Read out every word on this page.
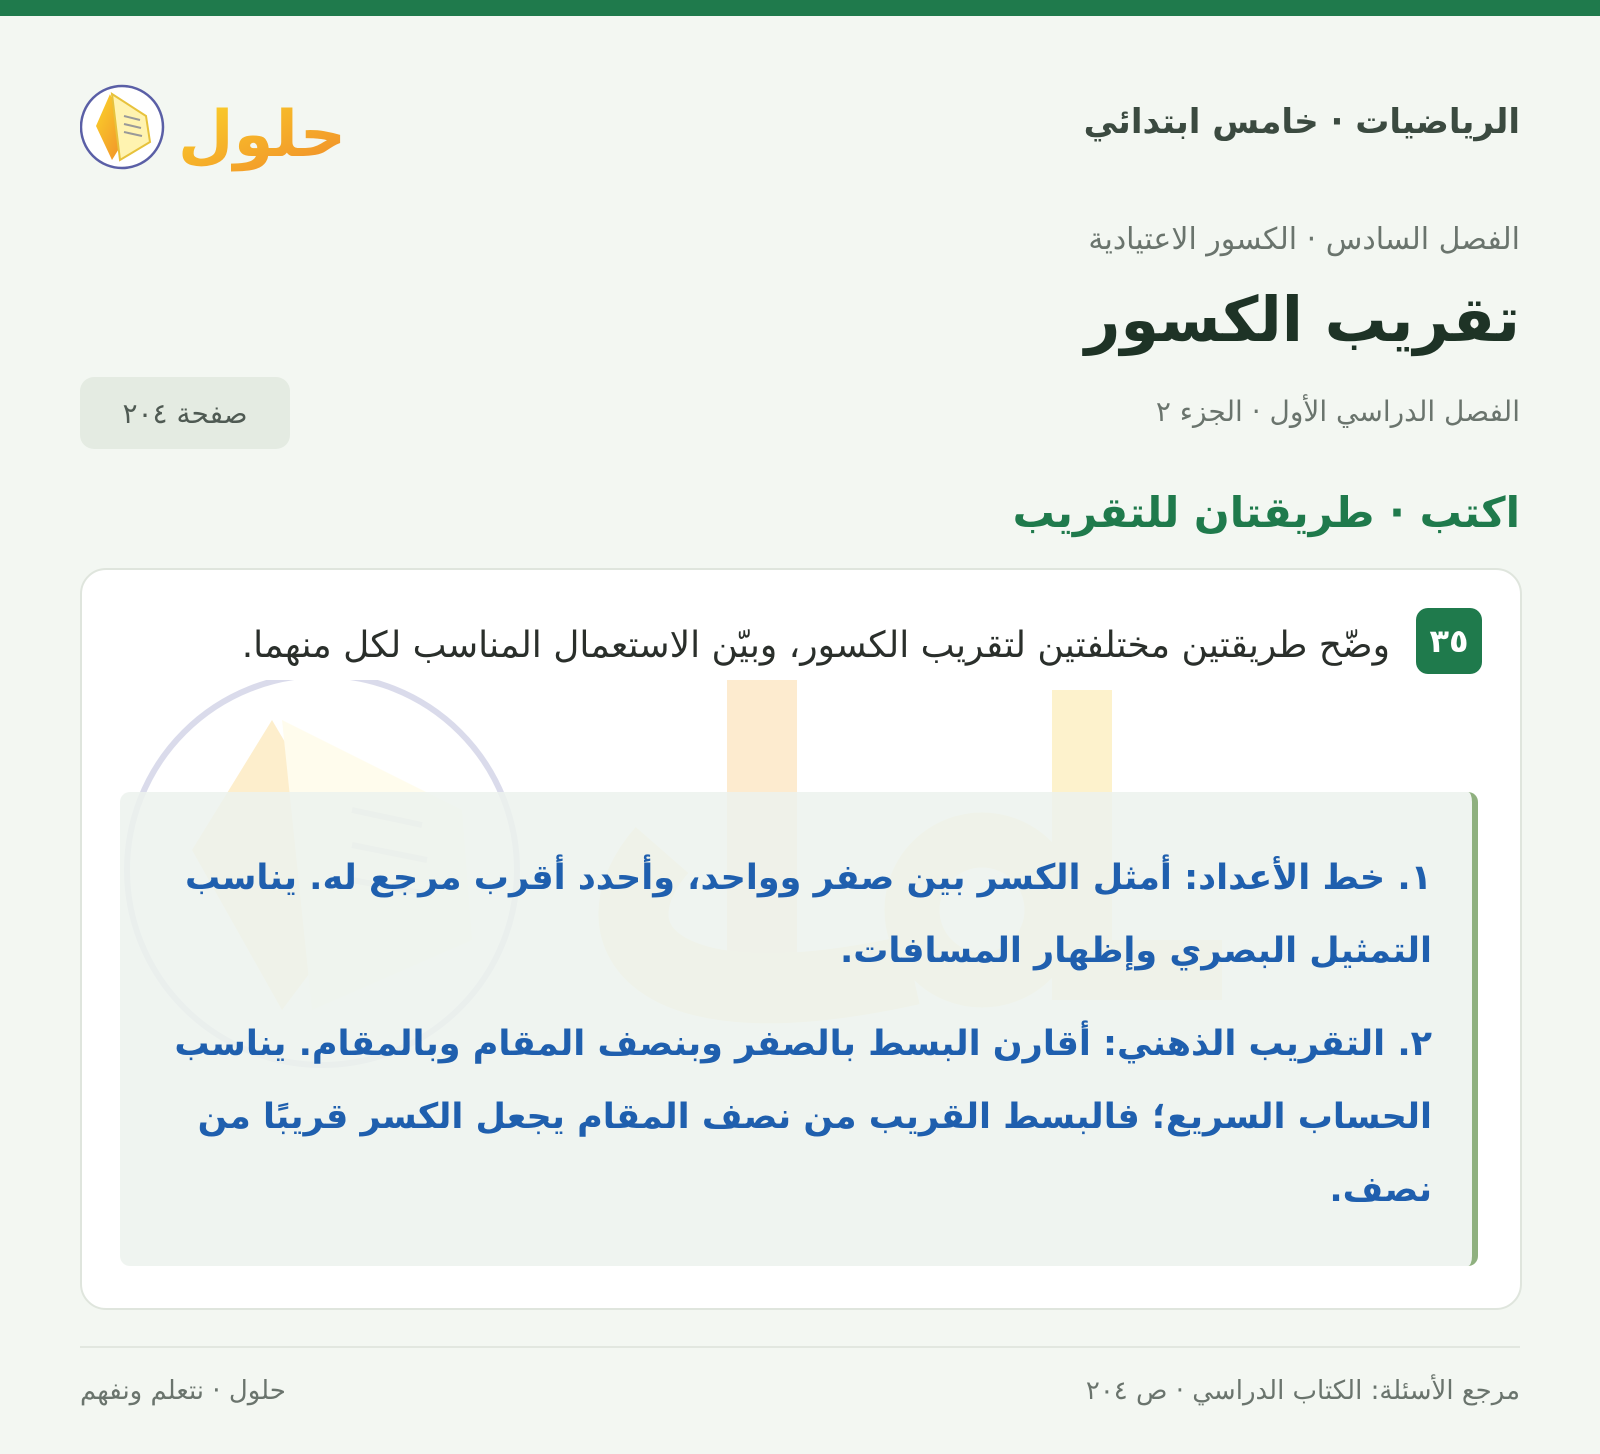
الرياضيات · خامس ابتدائي
حلول
الفصل السادس · الكسور الاعتيادية
تقريب الكسور
الفصل الدراسي الأول · الجزء ٢
صفحة ٢٠٤
اكتب · طريقتان للتقريب
٣٥
وضّح طريقتين مختلفتين لتقريب الكسور، وبيّن الاستعمال المناسب لكل منهما.

١. خط الأعداد: أمثل الكسر بين صفر وواحد، وأحدد أقرب مرجع له. يناسب التمثيل البصري وإظهار المسافات.

٢. التقريب الذهني: أقارن البسط بالصفر وبنصف المقام وبالمقام. يناسب الحساب السريع؛ فالبسط القريب من نصف المقام يجعل الكسر قريبًا من نصف.

مرجع الأسئلة: الكتاب الدراسي · ص ٢٠٤
حلول · نتعلم ونفهم
